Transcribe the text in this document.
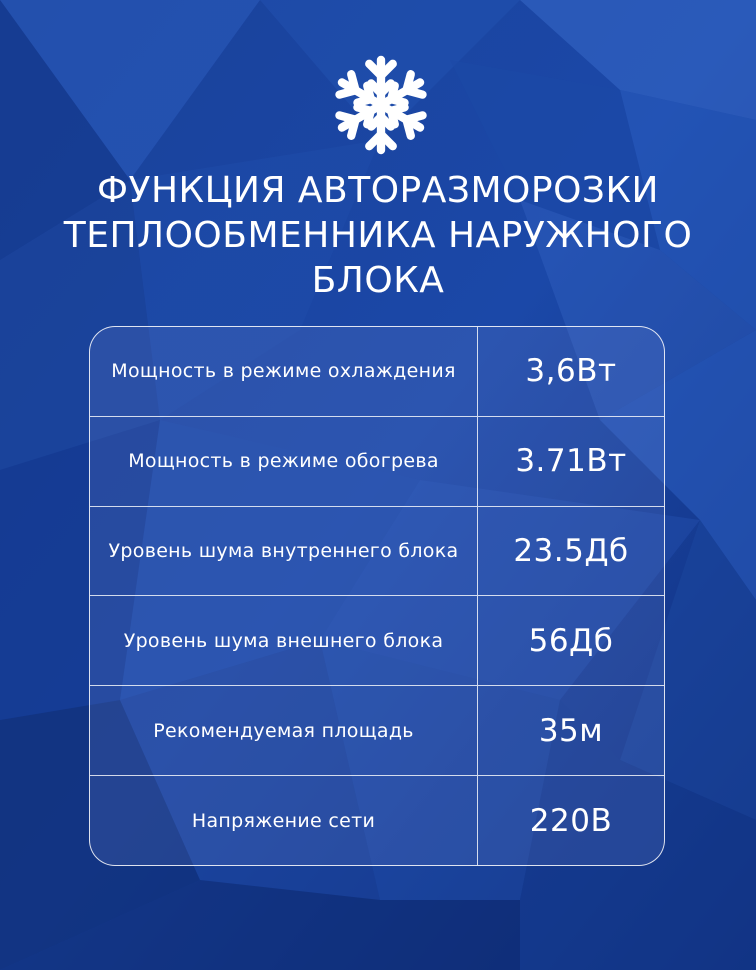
ФУНКЦИЯ АВТОРАЗМОРОЗКИ
ТЕПЛООБМЕННИКА НАРУЖНОГО
БЛОКА
Мощность в режиме охлаждения	3,6Вт
Мощность в режиме обогрева	3.71Вт
Уровень шума внутреннего блока	23.5Дб
Уровень шума внешнего блока	56Дб
Рекомендуемая площадь	35м
Напряжение сети	220В
